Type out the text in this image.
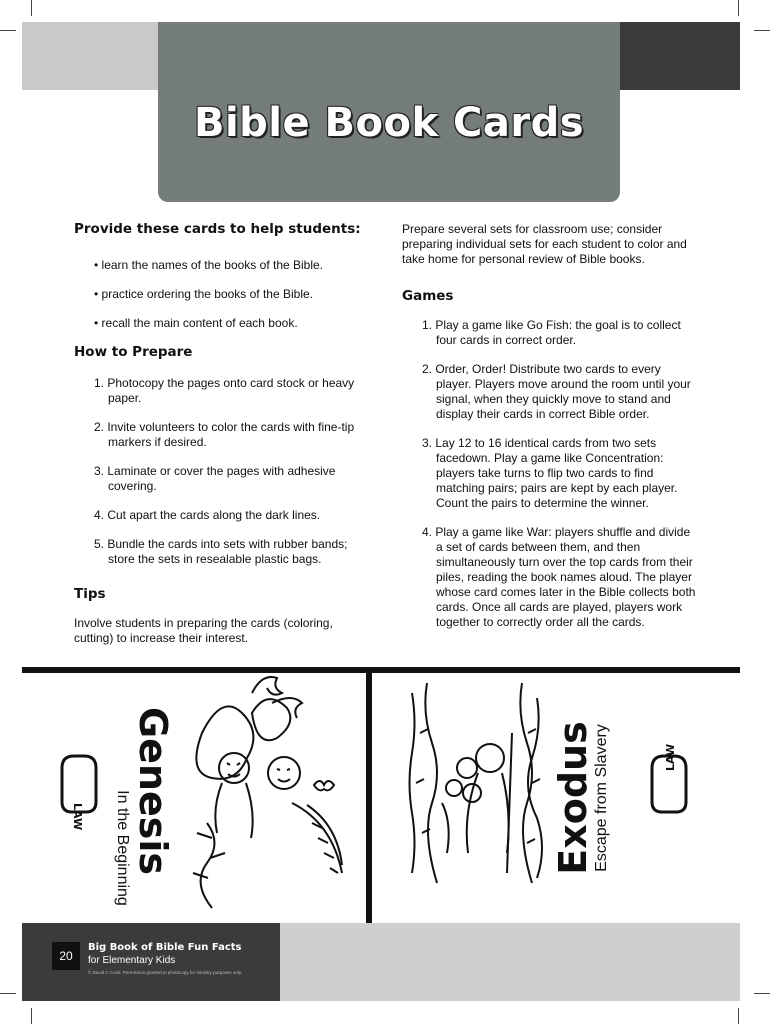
Bible Book Cards
Provide these cards to help students:
• learn the names of the books of the Bible.
• practice ordering the books of the Bible.
• recall the main content of each book.
How to Prepare
1. Photocopy the pages onto card stock or heavy paper.
2. Invite volunteers to color the cards with fine-tip markers if desired.
3. Laminate or cover the pages with adhesive covering.
4. Cut apart the cards along the dark lines.
5. Bundle the cards into sets with rubber bands; store the sets in resealable plastic bags.
Tips

Involve students in preparing the cards (coloring, cutting) to increase their interest.

Prepare several sets for classroom use; consider preparing individual sets for each student to color and take home for personal review of Bible books.

Games
1. Play a game like Go Fish: the goal is to collect four cards in correct order.
2. Order, Order! Distribute two cards to every player. Players move around the room until your signal, when they quickly move to stand and display their cards in correct Bible order.
3. Lay 12 to 16 identical cards from two sets facedown. Play a game like Concentration: players take turns to flip two cards to find matching pairs; pairs are kept by each player. Count the pairs to determine the winner.
4. Play a game like War: players shuffle and divide a set of cards between them, and then simultaneously turn over the top cards from their piles, reading the book names aloud. The player whose card comes later in the Bible collects both cards. Once all cards are played, players work together to correctly order all the cards.
LAW In the Beginning Genesis	LAW
Exodus
Escape from Slavery
20
Big Book of Bible Fun Facts
for Elementary Kids
© David C Cook. Permission granted to photocopy for ministry purposes only.
